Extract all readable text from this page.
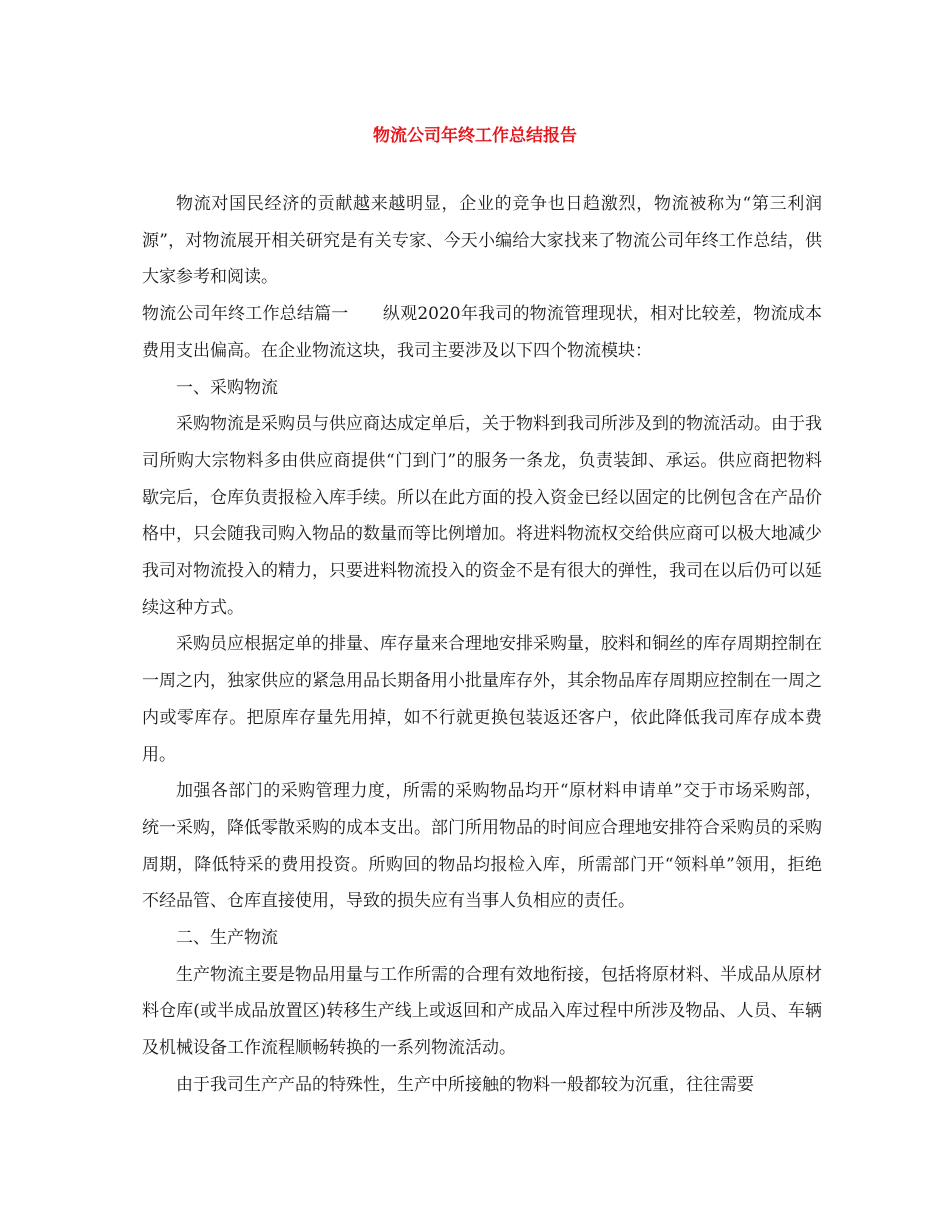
物流公司年终工作总结报告

物流对国民经济的贡献越来越明显，企业的竞争也日趋激烈，物流被称为“第三利润源”，对物流展开相关研究是有关专家、今天小编给大家找来了物流公司年终工作总结，供大家参考和阅读。

物流公司年终工作总结篇一　　纵观2020年我司的物流管理现状，相对比较差，物流成本费用支出偏高。在企业物流这块，我司主要涉及以下四个物流模块：

一、采购物流

采购物流是采购员与供应商达成定单后，关于物料到我司所涉及到的物流活动。由于我司所购大宗物料多由供应商提供“门到门”的服务一条龙，负责装卸、承运。供应商把物料歇完后，仓库负责报检入库手续。所以在此方面的投入资金已经以固定的比例包含在产品价格中，只会随我司购入物品的数量而等比例增加。将进料物流权交给供应商可以极大地减少我司对物流投入的精力，只要进料物流投入的资金不是有很大的弹性，我司在以后仍可以延续这种方式。

采购员应根据定单的排量、库存量来合理地安排采购量，胶料和铜丝的库存周期控制在一周之内，独家供应的紧急用品长期备用小批量库存外，其余物品库存周期应控制在一周之内或零库存。把原库存量先用掉，如不行就更换包装返还客户，依此降低我司库存成本费用。

加强各部门的采购管理力度，所需的采购物品均开“原材料申请单”交于市场采购部，统一采购，降低零散采购的成本支出。部门所用物品的时间应合理地安排符合采购员的采购周期，降低特采的费用投资。所购回的物品均报检入库，所需部门开“领料单”领用，拒绝不经品管、仓库直接使用，导致的损失应有当事人负相应的责任。

二、生产物流

生产物流主要是物品用量与工作所需的合理有效地衔接，包括将原材料、半成品从原材料仓库(或半成品放置区)转移生产线上或返回和产成品入库过程中所涉及物品、人员、车辆及机械设备工作流程顺畅转换的一系列物流活动。

由于我司生产产品的特殊性，生产中所接触的物料一般都较为沉重，往往需要
